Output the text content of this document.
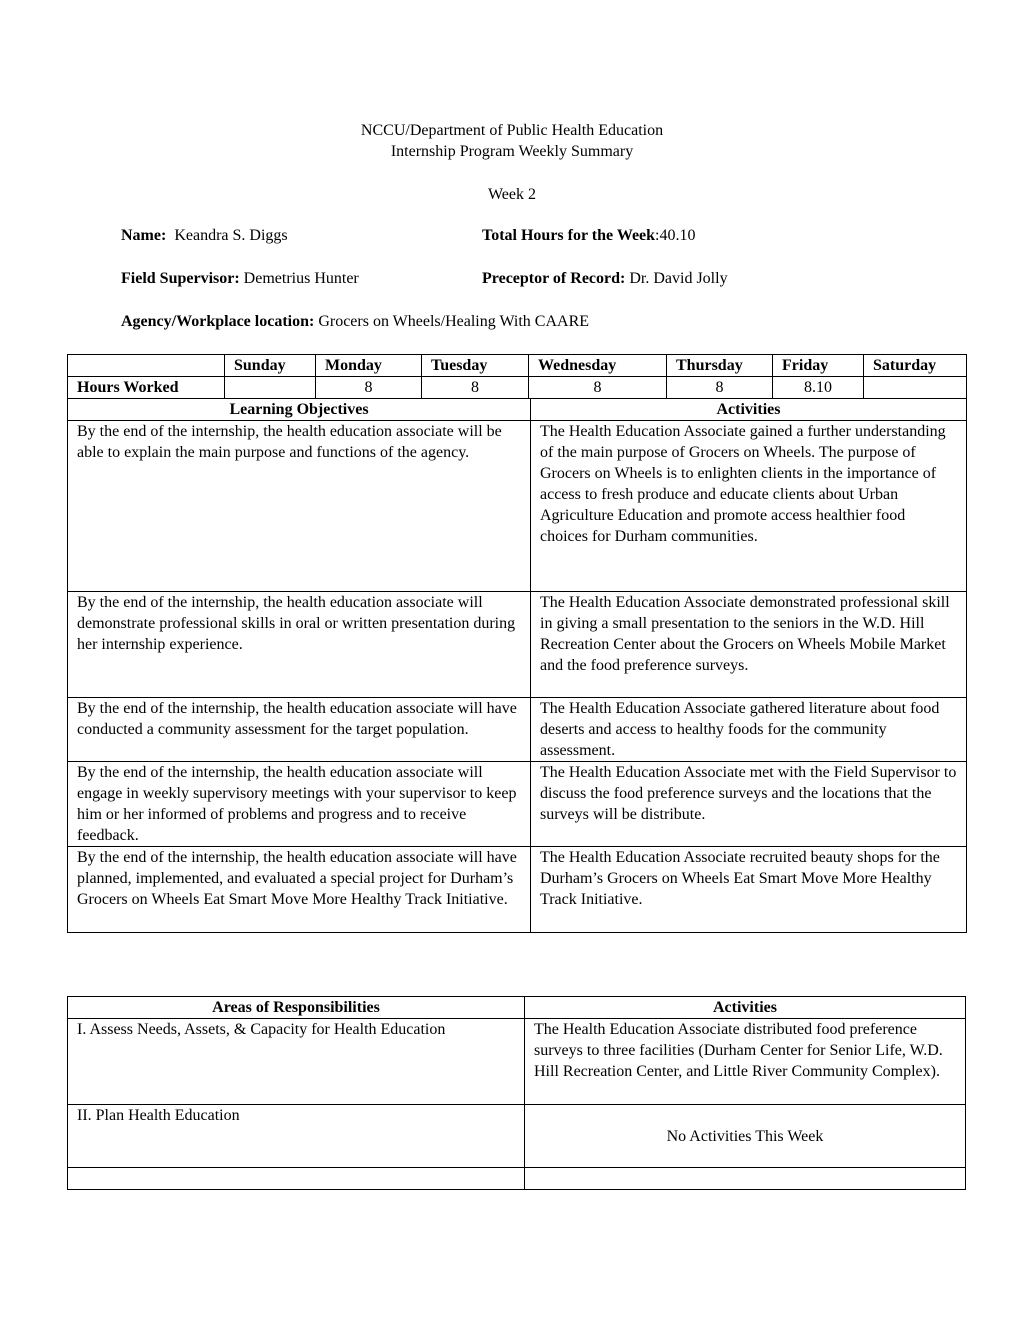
NCCU/Department of Public Health Education
Internship Program Weekly Summary
Week 2
Name: Keandra S. Diggs	Total Hours for the Week:40.10
Field Supervisor: Demetrius Hunter	Preceptor of Record: Dr. David Jolly
Agency/Workplace location: Grocers on Wheels/Healing With CAARE
	Sunday	Monday	Tuesday	Wednesday	Thursday	Friday	Saturday
Hours Worked		8	8	8	8	8.10	
Learning Objectives	Activities
By the end of the internship, the health education associate will be able to explain the main purpose and functions of the agency.	The Health Education Associate gained a further understanding of the main purpose of Grocers on Wheels. The purpose of Grocers on Wheels is to enlighten clients in the importance of access to fresh produce and educate clients about Urban Agriculture Education and promote access healthier food choices for Durham communities.
By the end of the internship, the health education associate will demonstrate professional skills in oral or written presentation during her internship experience.	The Health Education Associate demonstrated professional skill in giving a small presentation to the seniors in the W.D. Hill Recreation Center about the Grocers on Wheels Mobile Market and the food preference surveys.
By the end of the internship, the health education associate will have conducted a community assessment for the target population.	The Health Education Associate gathered literature about food deserts and access to healthy foods for the community assessment.
By the end of the internship, the health education associate will engage in weekly supervisory meetings with your supervisor to keep him or her informed of problems and progress and to receive feedback.	The Health Education Associate met with the Field Supervisor to discuss the food preference surveys and the locations that the surveys will be distribute.
By the end of the internship, the health education associate will have planned, implemented, and evaluated a special project for Durham’s Grocers on Wheels Eat Smart Move More Healthy Track Initiative.	The Health Education Associate recruited beauty shops for the Durham’s Grocers on Wheels Eat Smart Move More Healthy Track Initiative.
Areas of Responsibilities	Activities
I. Assess Needs, Assets, & Capacity for Health Education	The Health Education Associate distributed food preference surveys to three facilities (Durham Center for Senior Life, W.D. Hill Recreation Center, and Little River Community Complex).
II. Plan Health Education	No Activities This Week
